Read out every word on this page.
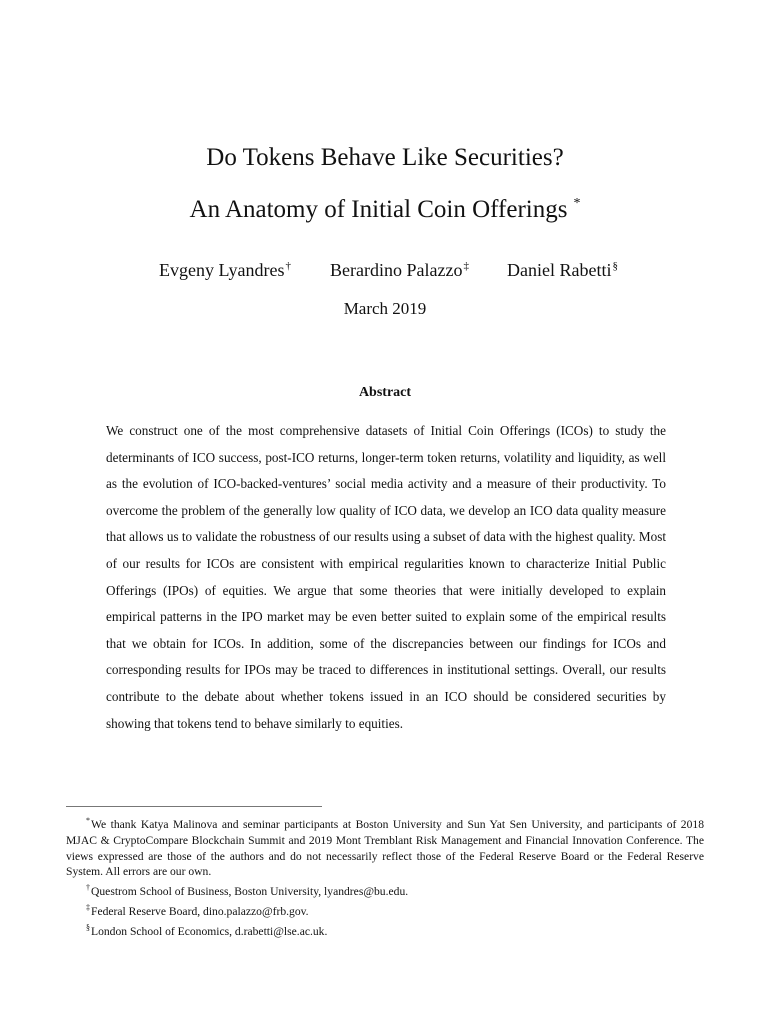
Do Tokens Behave Like Securities?
An Anatomy of Initial Coin Offerings *
Evgeny Lyandres† Berardino Palazzo‡ Daniel Rabetti§
March 2019
Abstract

We construct one of the most comprehensive datasets of Initial Coin Offerings (ICOs) to study the determinants of ICO success, post-ICO returns, longer-term token returns, volatility and liquidity, as well as the evolution of ICO-backed-ventures’ social media activity and a measure of their productivity. To overcome the problem of the generally low quality of ICO data, we develop an ICO data quality measure that allows us to validate the robustness of our results using a subset of data with the highest quality. Most of our results for ICOs are consistent with empirical regularities known to characterize Initial Public Offerings (IPOs) of equities. We argue that some theories that were initially developed to explain empirical patterns in the IPO market may be even better suited to explain some of the empirical results that we obtain for ICOs. In addition, some of the discrepancies between our findings for ICOs and corresponding results for IPOs may be traced to differences in institutional settings. Overall, our results contribute to the debate about whether tokens issued in an ICO should be considered securities by showing that tokens tend to behave similarly to equities.

*We thank Katya Malinova and seminar participants at Boston University and Sun Yat Sen University, and participants of 2018 MJAC & CryptoCompare Blockchain Summit and 2019 Mont Tremblant Risk Management and Financial Innovation Conference. The views expressed are those of the authors and do not necessarily reflect those of the Federal Reserve Board or the Federal Reserve System. All errors are our own.

†Questrom School of Business, Boston University, lyandres@bu.edu.

‡Federal Reserve Board, dino.palazzo@frb.gov.

§London School of Economics, d.rabetti@lse.ac.uk.
